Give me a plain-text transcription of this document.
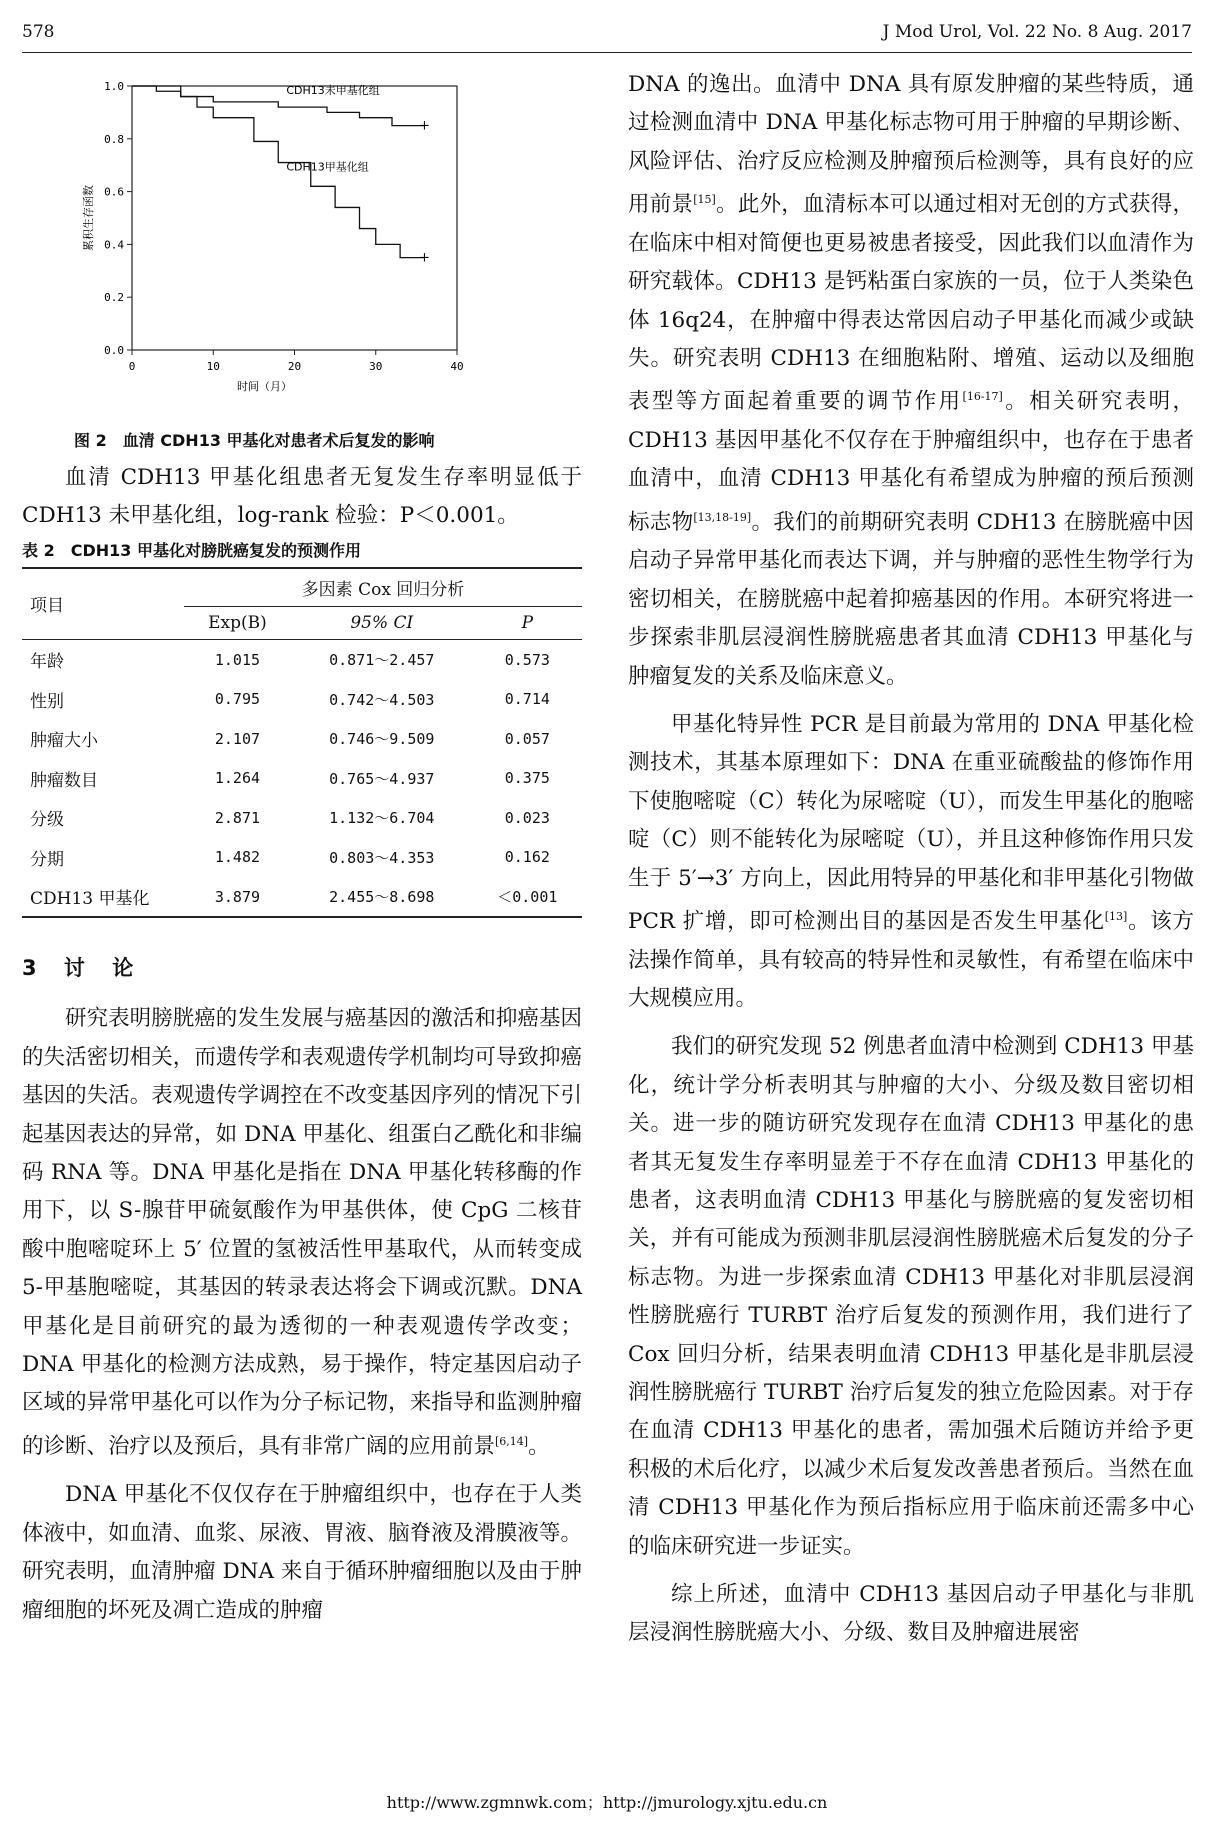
578	J Mod Urol, Vol. 22 No. 8 Aug. 2017
1.0
0.8
0.6
0.4
0.2
0.0
0	10	20	30	40
时间（月）
累积生存函数
+
CDH13未甲基化组
+
CDH13甲基化组
图 2　血清 CDH13 甲基化对患者术后复发的影响

血清 CDH13 甲基化组患者无复发生存率明显低于 CDH13 未甲基化组，log-rank 检验：P＜0.001。

表 2　CDH13 甲基化对膀胱癌复发的预测作用
项目	多因素 Cox 回归分析		
	Exp(B)	95% CI	P
年龄	1.015	0.871～2.457	0.573
性别	0.795	0.742～4.503	0.714
肿瘤大小	2.107	0.746～9.509	0.057
肿瘤数目	1.264	0.765～4.937	0.375
分级	2.871	1.132～6.704	0.023
分期	1.482	0.803～4.353	0.162
CDH13 甲基化	3.879	2.455～8.698	＜0.001
3 讨 论

研究表明膀胱癌的发生发展与癌基因的激活和抑癌基因的失活密切相关，而遗传学和表观遗传学机制均可导致抑癌基因的失活。表观遗传学调控在不改变基因序列的情况下引起基因表达的异常，如 DNA 甲基化、组蛋白乙酰化和非编码 RNA 等。DNA 甲基化是指在 DNA 甲基化转移酶的作用下，以 S-腺苷甲硫氨酸作为甲基供体，使 CpG 二核苷酸中胞嘧啶环上 5′ 位置的氢被活性甲基取代，从而转变成 5-甲基胞嘧啶，其基因的转录表达将会下调或沉默。DNA 甲基化是目前研究的最为透彻的一种表观遗传学改变；DNA 甲基化的检测方法成熟，易于操作，特定基因启动子区域的异常甲基化可以作为分子标记物，来指导和监测肿瘤的诊断、治疗以及预后，具有非常广阔的应用前景[6,14]。

DNA 甲基化不仅仅存在于肿瘤组织中，也存在于人类体液中，如血清、血浆、尿液、胃液、脑脊液及滑膜液等。研究表明，血清肿瘤 DNA 来自于循环肿瘤细胞以及由于肿瘤细胞的坏死及凋亡造成的肿瘤

DNA 的逸出。血清中 DNA 具有原发肿瘤的某些特质，通过检测血清中 DNA 甲基化标志物可用于肿瘤的早期诊断、风险评估、治疗反应检测及肿瘤预后检测等，具有良好的应用前景[15]。此外，血清标本可以通过相对无创的方式获得，在临床中相对简便也更易被患者接受，因此我们以血清作为研究载体。CDH13 是钙粘蛋白家族的一员，位于人类染色体 16q24，在肿瘤中得表达常因启动子甲基化而减少或缺失。研究表明 CDH13 在细胞粘附、增殖、运动以及细胞表型等方面起着重要的调节作用[16-17]。相关研究表明，CDH13 基因甲基化不仅存在于肿瘤组织中，也存在于患者血清中，血清 CDH13 甲基化有希望成为肿瘤的预后预测标志物[13,18-19]。我们的前期研究表明 CDH13 在膀胱癌中因启动子异常甲基化而表达下调，并与肿瘤的恶性生物学行为密切相关，在膀胱癌中起着抑癌基因的作用。本研究将进一步探索非肌层浸润性膀胱癌患者其血清 CDH13 甲基化与肿瘤复发的关系及临床意义。

甲基化特异性 PCR 是目前最为常用的 DNA 甲基化检测技术，其基本原理如下：DNA 在重亚硫酸盐的修饰作用下使胞嘧啶（C）转化为尿嘧啶（U），而发生甲基化的胞嘧啶（C）则不能转化为尿嘧啶（U），并且这种修饰作用只发生于 5′→3′ 方向上，因此用特异的甲基化和非甲基化引物做 PCR 扩增，即可检测出目的基因是否发生甲基化[13]。该方法操作简单，具有较高的特异性和灵敏性，有希望在临床中大规模应用。

我们的研究发现 52 例患者血清中检测到 CDH13 甲基化，统计学分析表明其与肿瘤的大小、分级及数目密切相关。进一步的随访研究发现存在血清 CDH13 甲基化的患者其无复发生存率明显差于不存在血清 CDH13 甲基化的患者，这表明血清 CDH13 甲基化与膀胱癌的复发密切相关，并有可能成为预测非肌层浸润性膀胱癌术后复发的分子标志物。为进一步探索血清 CDH13 甲基化对非肌层浸润性膀胱癌行 TURBT 治疗后复发的预测作用，我们进行了 Cox 回归分析，结果表明血清 CDH13 甲基化是非肌层浸润性膀胱癌行 TURBT 治疗后复发的独立危险因素。对于存在血清 CDH13 甲基化的患者，需加强术后随访并给予更积极的术后化疗，以减少术后复发改善患者预后。当然在血清 CDH13 甲基化作为预后指标应用于临床前还需多中心的临床研究进一步证实。

综上所述，血清中 CDH13 基因启动子甲基化与非肌层浸润性膀胱癌大小、分级、数目及肿瘤进展密

http://www.zgmnwk.com；http://jmurology.xjtu.edu.cn
